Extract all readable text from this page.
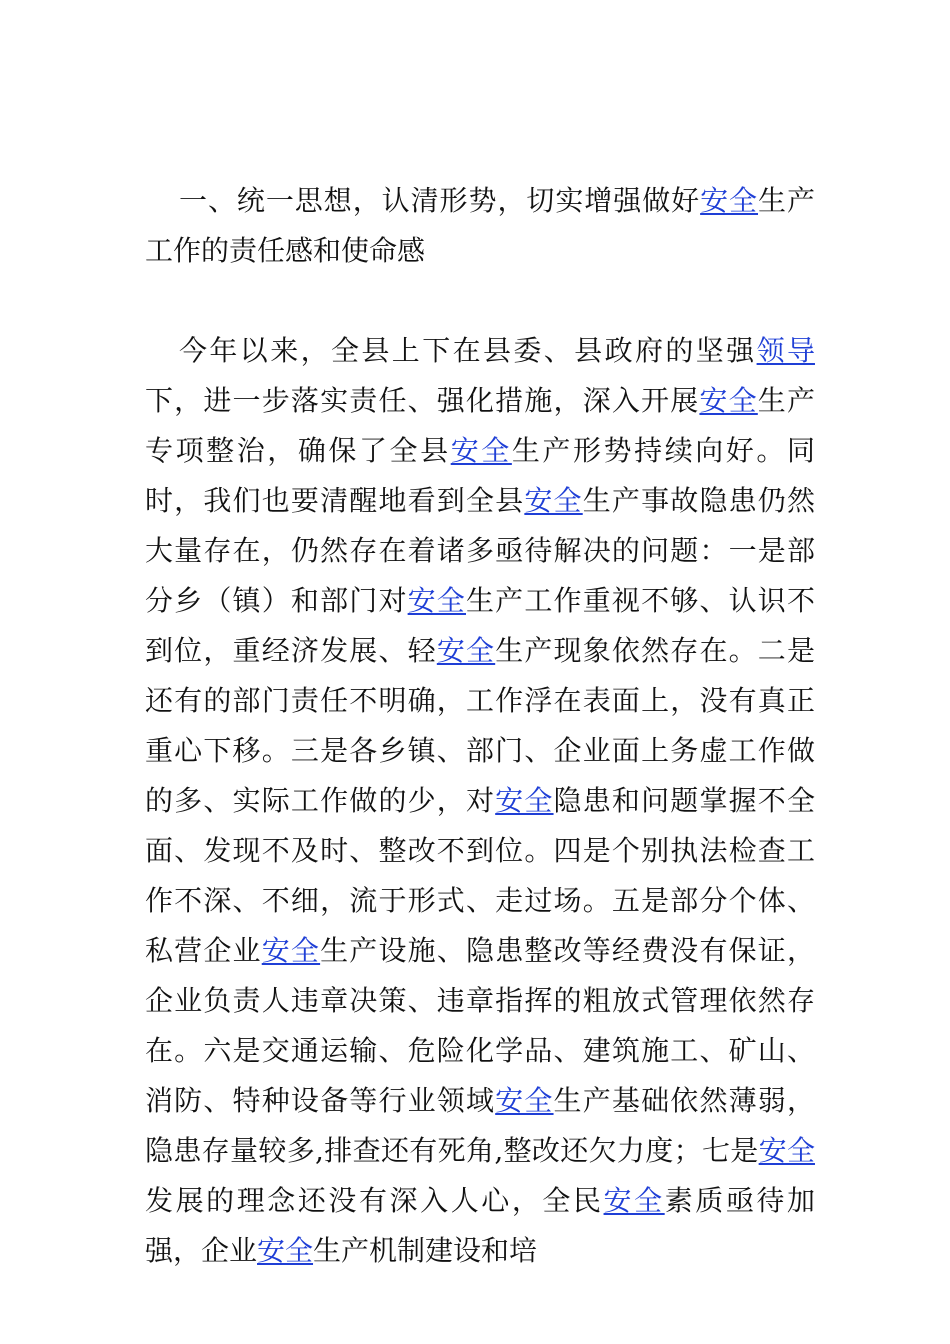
一、统一思想，认清形势，切实增强做好安全生产工作的责任感和使命感

今年以来，全县上下在县委、县政府的坚强领导下，进一步落实责任、强化措施，深入开展安全生产专项整治，确保了全县安全生产形势持续向好。同时，我们也要清醒地看到全县安全生产事故隐患仍然大量存在，仍然存在着诸多亟待解决的问题：一是部分乡（镇）和部门对安全生产工作重视不够、认识不到位，重经济发展、轻安全生产现象依然存在。二是还有的部门责任不明确，工作浮在表面上，没有真正重心下移。三是各乡镇、部门、企业面上务虚工作做的多、实际工作做的少，对安全隐患和问题掌握不全面、发现不及时、整改不到位。四是个别执法检查工作不深、不细，流于形式、走过场。五是部分个体、私营企业安全生产设施、隐患整改等经费没有保证，企业负责人违章决策、违章指挥的粗放式管理依然存在。六是交通运输、危险化学品、建筑施工、矿山、消防、特种设备等行业领域安全生产基础依然薄弱，隐患存量较多,排查还有死角,整改还欠力度；七是安全发展的理念还没有深入人心，全民安全素质亟待加强，企业安全生产机制建设和培
